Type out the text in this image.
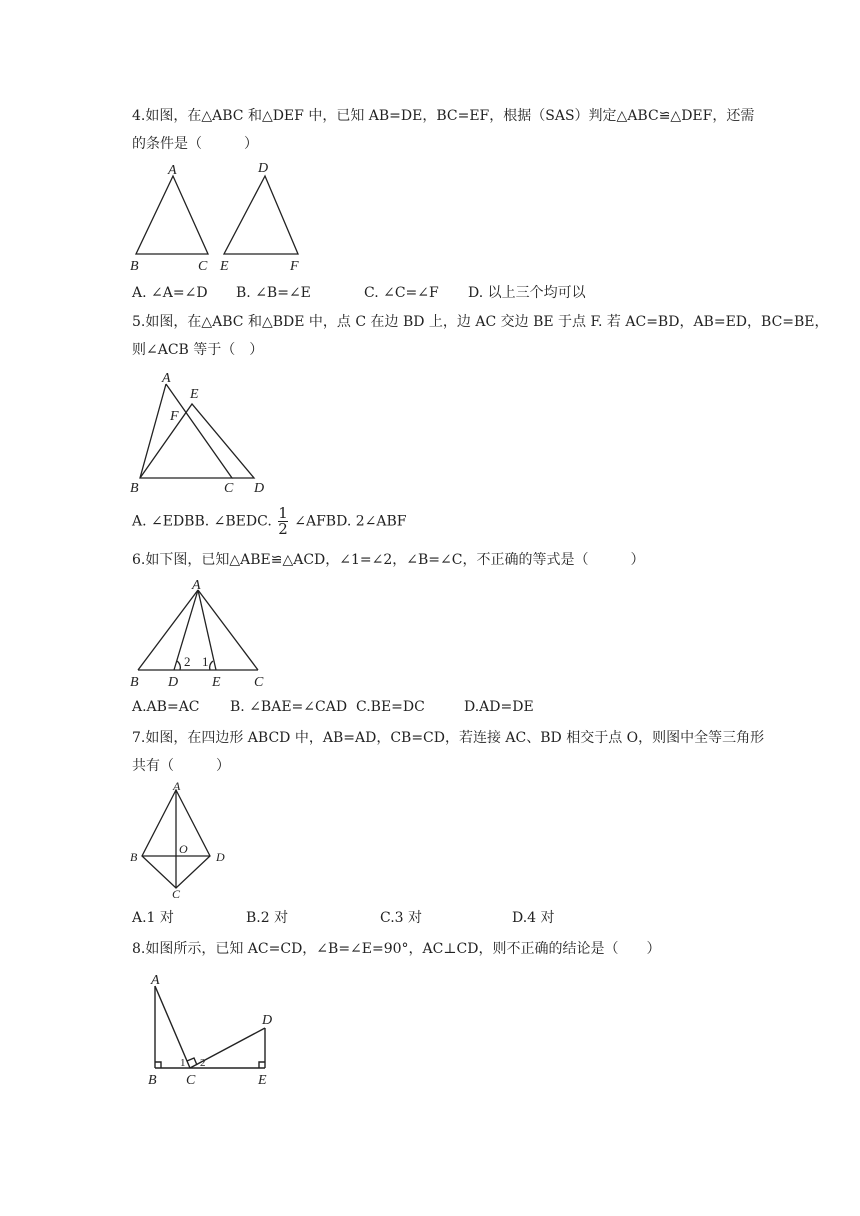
4.如图，在△ABC 和△DEF 中，已知 AB=DE，BC=EF，根据（SAS）判定△ABC≌△DEF，还需
的条件是（　　　）
A
B	C
D
E	F
A. ∠A=∠D B. ∠B=∠E	C. ∠C=∠F D. 以上三个均可以
5.如图，在△ABC 和△BDE 中，点 C 在边 BD 上，边 AC 交边 BE 于点 F. 若 AC=BD，AB=ED，BC=BE，
则∠ACB 等于（　）
A
E
F
B	C D
A. ∠EDBB. ∠BEDC. $\frac{1}{2}$ ∠AFBD. 2∠ABF
6.如下图，已知△ABE≌△ACD，∠1=∠2，∠B=∠C，不正确的等式是（　　　）
A
B D E C
2 1
A.AB=AC B. ∠BAE=∠CAD C.BE=DC	D.AD=DE
7.如图，在四边形 ABCD 中，AB=AD，CB=CD，若连接 AC、BD 相交于点 O，则图中全等三角形
共有（　　　）
A
B
O
D
C
A.1 对	B.2 对	C.3 对	D.4 对
8.如图所示，已知 AC=CD，∠B=∠E=90°，AC⊥CD，则不正确的结论是（　　）
A
D
B C	E
1 2
